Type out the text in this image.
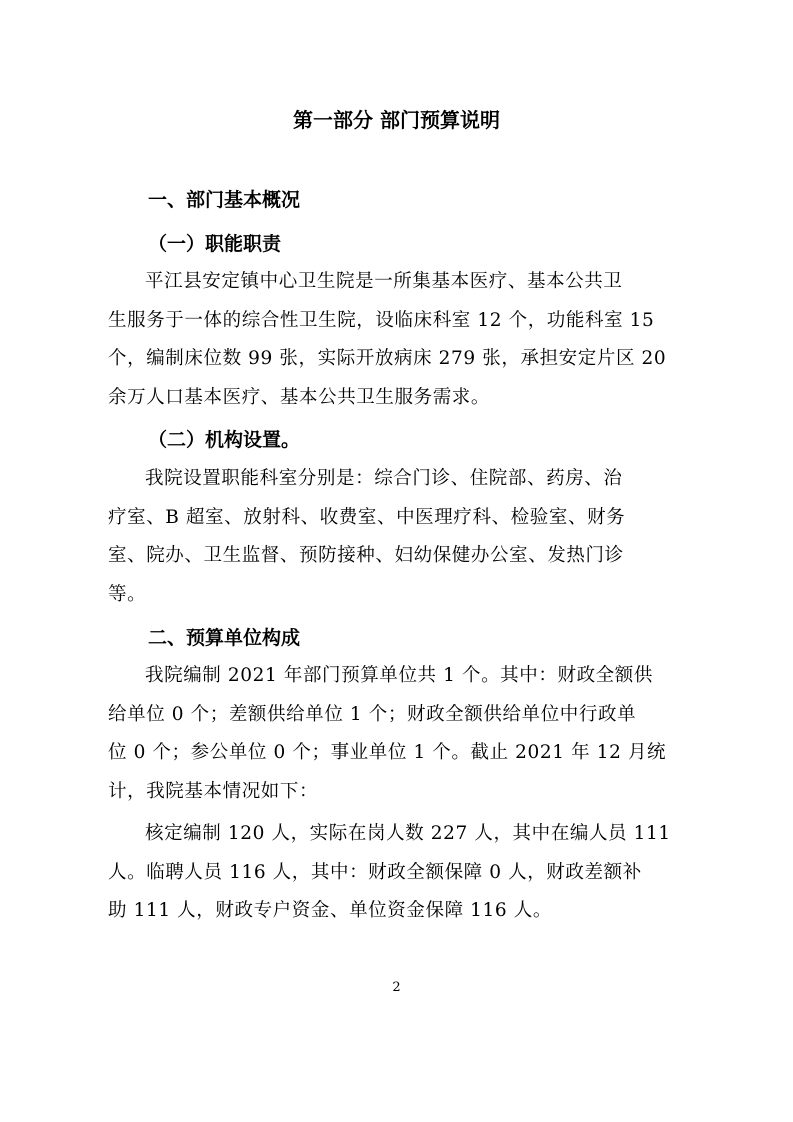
第一部分 部门预算说明
一、部门基本概况
（一）职能职责
平江县安定镇中心卫生院是一所集基本医疗、基本公共卫
生服务于一体的综合性卫生院，设临床科室 12 个，功能科室 15
个，编制床位数 99 张，实际开放病床 279 张，承担安定片区 20
余万人口基本医疗、基本公共卫生服务需求。
（二）机构设置。
我院设置职能科室分别是：综合门诊、住院部、药房、治
疗室、B 超室、放射科、收费室、中医理疗科、检验室、财务
室、院办、卫生监督、预防接种、妇幼保健办公室、发热门诊
等。
二、预算单位构成
我院编制 2021 年部门预算单位共 1 个。其中：财政全额供
给单位 0 个；差额供给单位 1 个；财政全额供给单位中行政单
位 0 个；参公单位 0 个；事业单位 1 个。截止 2021 年 12 月统
计，我院基本情况如下：
核定编制 120 人，实际在岗人数 227 人，其中在编人员 111
人。临聘人员 116 人，其中：财政全额保障 0 人，财政差额补
助 111 人，财政专户资金、单位资金保障 116 人。

2
